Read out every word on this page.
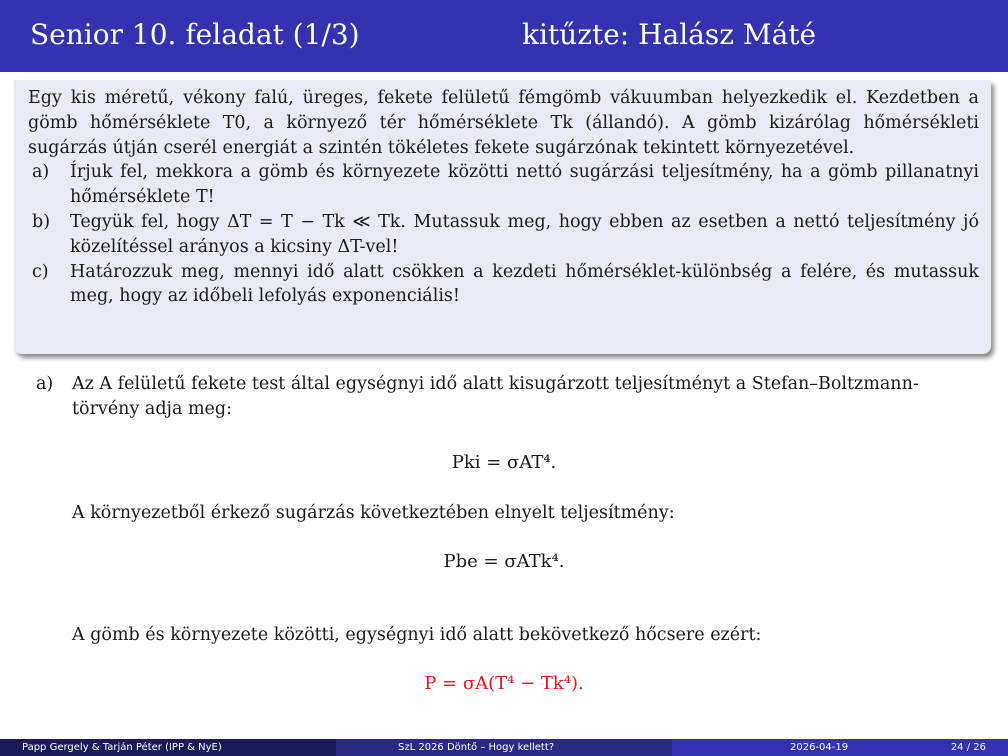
Senior 10. feladat (1/3)	kitűzte: Halász Máté

Egy kis méretű, vékony falú, üreges, fekete felületű fémgömb vákuumban helyezkedik el. Kezdetben a gömb hőmérséklete T0, a környező tér hőmérséklete Tk (állandó). A gömb kizárólag hőmérsékleti sugárzás útján cserél energiát a szintén tökéletes fekete sugárzónak tekintett környezetével.

a) Írjuk fel, mekkora a gömb és környezete közötti nettó sugárzási teljesítmény, ha a gömb pillanatnyi hőmérséklete T!
b) Tegyük fel, hogy ΔT = T − Tk ≪ Tk. Mutassuk meg, hogy ebben az esetben a nettó teljesítmény jó közelítéssel arányos a kicsiny ΔT-vel!
c) Határozzuk meg, mennyi idő alatt csökken a kezdeti hőmérséklet-különbség a felére, és mutassuk meg, hogy az időbeli lefolyás exponenciális!
a) Az A felületű fekete test által egységnyi idő alatt kisugárzott teljesítményt a Stefan–Boltzmann-törvény adja meg:
Pki = σAT⁴.
A környezetből érkező sugárzás következtében elnyelt teljesítmény:
Pbe = σATk⁴.
A gömb és környezete közötti, egységnyi idő alatt bekövetkező hőcsere ezért:
P = σA(T⁴ − Tk⁴).
Papp Gergely & Tarján Péter (IPP & NyE)	SzL 2026 Döntő – Hogy kellett?	2026-04-19	24 / 26
